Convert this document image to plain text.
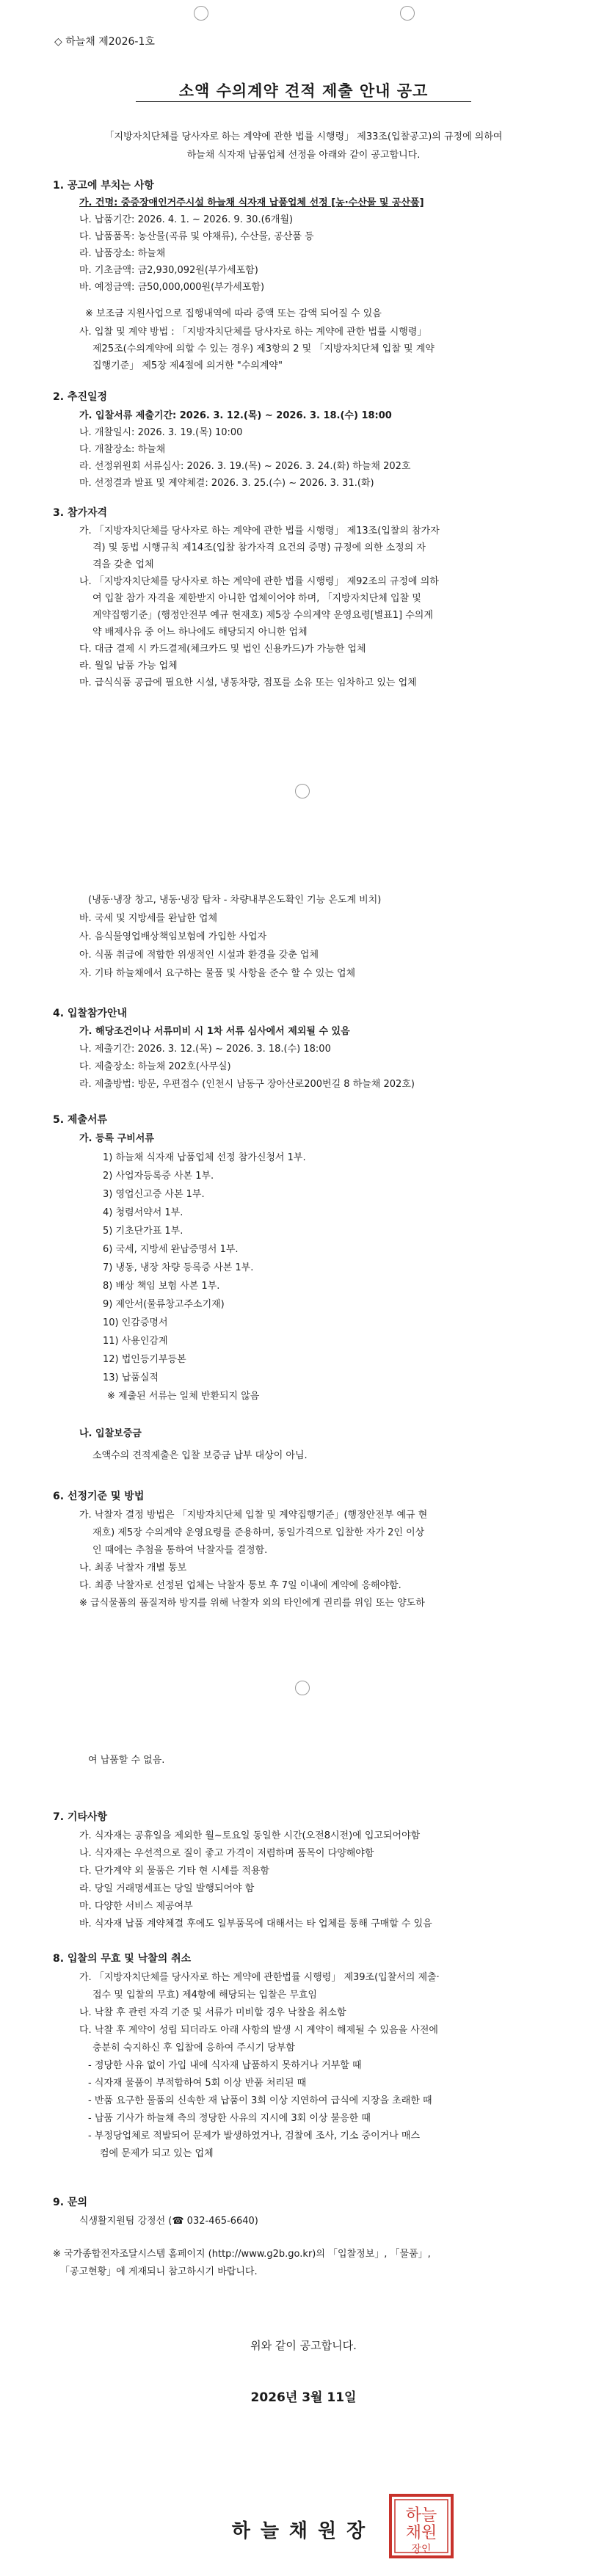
◇ 하늘채 제2026-1호
소액 수의계약 견적 제출 안내 공고
「지방자치단체를 당사자로 하는 계약에 관한 법률 시행령」 제33조(입찰공고)의 규정에 의하여
하늘채 식자재 납품업체 선정을 아래와 같이 공고합니다.
1. 공고에 부치는 사항
가. 건명: 중증장애인거주시설 하늘채 식자재 납품업체 선정 [농·수산물 및 공산품]
나. 납품기간: 2026. 4. 1. ~ 2026. 9. 30.(6개월)
다. 납품품목: 농산물(곡류 및 야채류), 수산물, 공산품 등
라. 납품장소: 하늘채
마. 기초금액: 금2,930,092원(부가세포함)
바. 예정금액: 금50,000,000원(부가세포함)
※ 보조금 지원사업으로 집행내역에 따라 증액 또는 감액 되어질 수 있음
사. 입찰 및 계약 방법 : 「지방자치단체를 당사자로 하는 계약에 관한 법률 시행령」
제25조(수의계약에 의할 수 있는 경우) 제3항의 2 및 「지방자치단체 입찰 및 계약
집행기준」 제5장 제4절에 의거한 "수의계약"
2. 추진일정
가. 입찰서류 제출기간: 2026. 3. 12.(목) ~ 2026. 3. 18.(수) 18:00
나. 개찰일시: 2026. 3. 19.(목) 10:00
다. 개찰장소: 하늘채
라. 선정위원회 서류심사: 2026. 3. 19.(목) ~ 2026. 3. 24.(화) 하늘채 202호
마. 선정결과 발표 및 계약체결: 2026. 3. 25.(수) ~ 2026. 3. 31.(화)
3. 참가자격
가. 「지방자치단체를 당사자로 하는 계약에 관한 법률 시행령」 제13조(입찰의 참가자
격) 및 동법 시행규칙 제14조(입찰 참가자격 요건의 증명) 규정에 의한 소정의 자
격을 갖춘 업체
나. 「지방자치단체를 당사자로 하는 계약에 관한 법률 시행령」 제92조의 규정에 의하
여 입찰 참가 자격을 제한받지 아니한 업체이어야 하며, 「지방자치단체 입찰 및
계약집행기준」(행정안전부 예규 현재호) 제5장 수의계약 운영요령[별표1] 수의계
약 배제사유 중 어느 하나에도 해당되지 아니한 업체
다. 대금 결제 시 카드결제(체크카드 및 법인 신용카드)가 가능한 업체
라. 월일 납품 가능 업체
마. 급식식품 공급에 필요한 시설, 냉동차량, 점포를 소유 또는 임차하고 있는 업체
(냉동·냉장 창고, 냉동·냉장 탑차 - 차량내부온도확인 기능 온도계 비치)
바. 국세 및 지방세를 완납한 업체
사. 음식물영업배상책임보험에 가입한 사업자
아. 식품 취급에 적합한 위생적인 시설과 환경을 갖춘 업체
자. 기타 하늘채에서 요구하는 물품 및 사항을 준수 할 수 있는 업체
4. 입찰참가안내
가. 해당조건이나 서류미비 시 1차 서류 심사에서 제외될 수 있음
나. 제출기간: 2026. 3. 12.(목) ~ 2026. 3. 18.(수) 18:00
다. 제출장소: 하늘채 202호(사무실)
라. 제출방법: 방문, 우편접수 (인천시 남동구 장아산로200번길 8 하늘채 202호)
5. 제출서류
가. 등록 구비서류
1) 하늘채 식자재 납품업체 선정 참가신청서 1부.
2) 사업자등록증 사본 1부.
3) 영업신고증 사본 1부.
4) 청렴서약서 1부.
5) 기초단가표 1부.
6) 국세, 지방세 완납증명서 1부.
7) 냉동, 냉장 차량 등록증 사본 1부.
8) 배상 책임 보험 사본 1부.
9) 제안서(물류창고주소기재)
10) 인감증명서
11) 사용인감계
12) 법인등기부등본
13) 납품실적
※ 제출된 서류는 일체 반환되지 않음
나. 입찰보증금
소액수의 견적제출은 입찰 보증금 납부 대상이 아님.
6. 선정기준 및 방법
가. 낙찰자 결정 방법은 「지방자치단체 입찰 및 계약집행기준」(행정안전부 예규 현
재호) 제5장 수의계약 운영요령를 준용하며, 동일가격으로 입찰한 자가 2인 이상
인 때에는 추첨을 통하여 낙찰자를 결정함.
나. 최종 낙찰자 개별 통보
다. 최종 낙찰자로 선정된 업체는 낙찰자 통보 후 7일 이내에 계약에 응해야함.
※ 급식물품의 품질저하 방지를 위해 낙찰자 외의 타인에게 권리를 위임 또는 양도하
여 납품할 수 없음.
7. 기타사항
가. 식자재는 공휴일을 제외한 월~토요일 동일한 시간(오전8시전)에 입고되어야함
나. 식자재는 우선적으로 질이 좋고 가격이 저렴하며 품목이 다양해야함
다. 단가계약 외 물품은 기타 현 시세를 적용함
라. 당일 거래명세표는 당일 발행되어야 함
마. 다양한 서비스 제공여부
바. 식자재 납품 계약체결 후에도 일부품목에 대해서는 타 업체를 통해 구매할 수 있음
8. 입찰의 무효 및 낙찰의 취소
가. 「지방자치단체를 당사자로 하는 계약에 관한법률 시행령」 제39조(입찰서의 제출·
접수 및 입찰의 무효) 제4항에 해당되는 입찰은 무효임
나. 낙찰 후 관련 자격 기준 및 서류가 미비할 경우 낙찰을 취소함
다. 낙찰 후 계약이 성립 되더라도 아래 사항의 발생 시 계약이 해제될 수 있음을 사전에
충분히 숙지하신 후 입찰에 응하여 주시기 당부함
- 정당한 사유 없이 가입 내에 식자재 납품하지 못하거나 거부할 때
- 식자재 물품이 부적합하여 5회 이상 반품 처리된 때
- 반품 요구한 물품의 신속한 재 납품이 3회 이상 지연하여 급식에 지장을 초래한 때
- 납품 기사가 하늘채 측의 정당한 사유의 지시에 3회 이상 불응한 때
- 부정당업체로 적발되어 문제가 발생하였거나, 검찰에 조사, 기소 중이거나 매스
컴에 문제가 되고 있는 업체
9. 문의
식생활지원팀 강정선 (☎ 032-465-6640)
※ 국가종합전자조달시스템 홈페이지 (http://www.g2b.go.kr)의 「입찰정보」, 「물품」,
「공고현황」에 게재되니 참고하시기 바랍니다.
위와 같이 공고합니다.
2026년 3월 11일
하늘채원장
하늘
채원
장인
